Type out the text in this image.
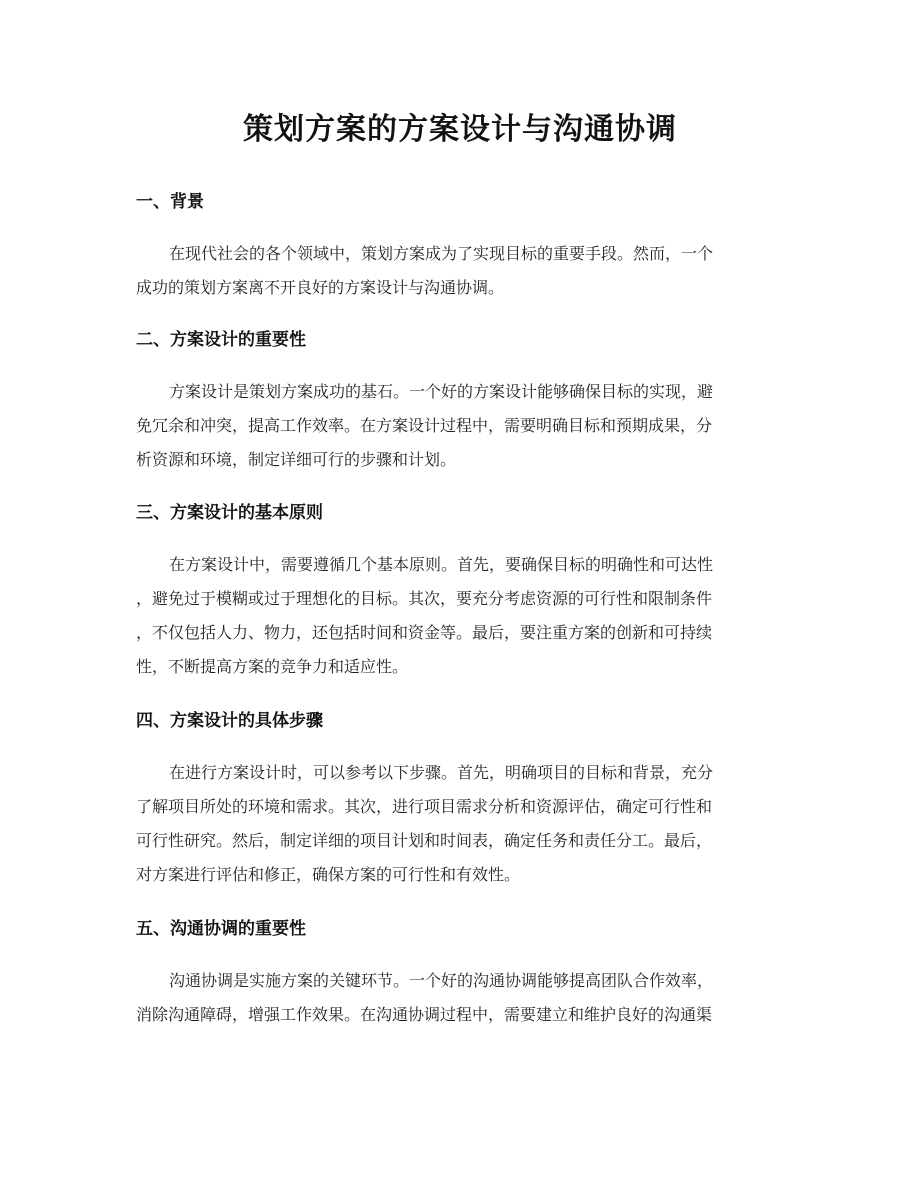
策划方案的方案设计与沟通协调
一、背景
在现代社会的各个领域中，策划方案成为了实现目标的重要手段。然而，一个
成功的策划方案离不开良好的方案设计与沟通协调。
二、方案设计的重要性
方案设计是策划方案成功的基石。一个好的方案设计能够确保目标的实现，避
免冗余和冲突，提高工作效率。在方案设计过程中，需要明确目标和预期成果，分
析资源和环境，制定详细可行的步骤和计划。
三、方案设计的基本原则
在方案设计中，需要遵循几个基本原则。首先，要确保目标的明确性和可达性
，避免过于模糊或过于理想化的目标。其次，要充分考虑资源的可行性和限制条件
，不仅包括人力、物力，还包括时间和资金等。最后，要注重方案的创新和可持续
性，不断提高方案的竞争力和适应性。
四、方案设计的具体步骤
在进行方案设计时，可以参考以下步骤。首先，明确项目的目标和背景，充分
了解项目所处的环境和需求。其次，进行项目需求分析和资源评估，确定可行性和
可行性研究。然后，制定详细的项目计划和时间表，确定任务和责任分工。最后，
对方案进行评估和修正，确保方案的可行性和有效性。
五、沟通协调的重要性
沟通协调是实施方案的关键环节。一个好的沟通协调能够提高团队合作效率，
消除沟通障碍，增强工作效果。在沟通协调过程中，需要建立和维护良好的沟通渠
